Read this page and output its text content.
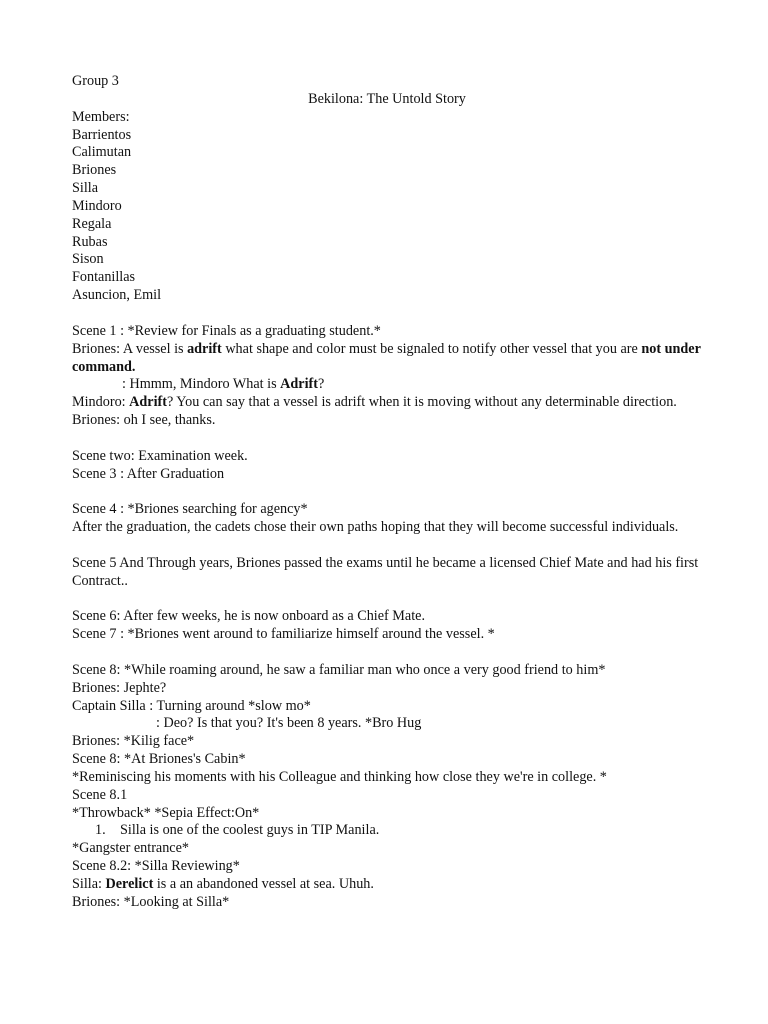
Group 3
Bekilona: The Untold Story
Members:
Barrientos
Calimutan
Briones
Silla
Mindoro
Regala
Rubas
Sison
Fontanillas
Asuncion, Emil
Scene 1 : *Review for Finals as a graduating student.*
Briones: A vessel is adrift what shape and color must be signaled to notify other vessel that you are not under command.
: Hmmm, Mindoro What is Adrift?
Mindoro: Adrift? You can say that a vessel is adrift when it is moving without any determinable direction.
Briones: oh I see, thanks.
Scene two: Examination week.
Scene 3 : After Graduation
Scene 4 : *Briones searching for agency*
After the graduation, the cadets chose their own paths hoping that they will become successful individuals.
Scene 5 And Through years, Briones passed the exams until he became a licensed Chief Mate and had his first Contract..
Scene 6: After few weeks, he is now onboard as a Chief Mate.
Scene 7 : *Briones went around to familiarize himself around the vessel. *
Scene 8: *While roaming around, he saw a familiar man who once a very good friend to him*
Briones: Jephte?
Captain Silla : Turning around *slow mo*
: Deo? Is that you? It's been 8 years. *Bro Hug
Briones: *Kilig face*
Scene 8: *At Briones's Cabin*
*Reminiscing his moments with his Colleague and thinking how close they we're in college. *
Scene 8.1
*Throwback* *Sepia Effect:On*
1. Silla is one of the coolest guys in TIP Manila.
*Gangster entrance*
Scene 8.2: *Silla Reviewing*
Silla: Derelict is a an abandoned vessel at sea. Uhuh.
Briones: *Looking at Silla*
